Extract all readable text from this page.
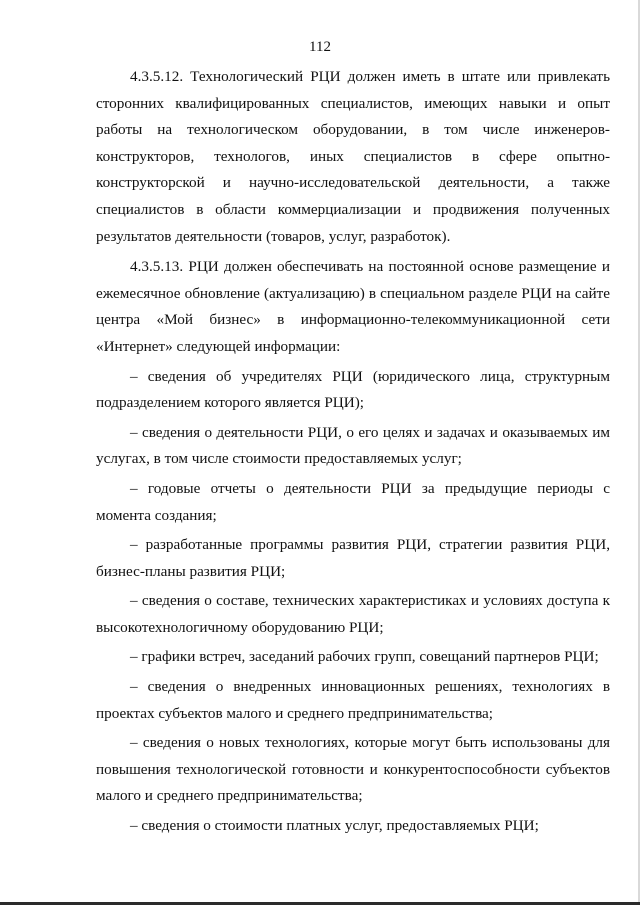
112

4.3.5.12. Технологический РЦИ должен иметь в штате или привлекать сторонних квалифицированных специалистов, имеющих навыки и опыт работы на технологическом оборудовании, в том числе инженеров-конструкторов, технологов, иных специалистов в сфере опытно-конструкторской и научно-исследовательской деятельности, а также специалистов в области коммерциализации и продвижения полученных результатов деятельности (товаров, услуг, разработок).

4.3.5.13. РЦИ должен обеспечивать на постоянной основе размещение и ежемесячное обновление (актуализацию) в специальном разделе РЦИ на сайте центра «Мой бизнес» в информационно-телекоммуникационной сети «Интернет» следующей информации:

– сведения об учредителях РЦИ (юридического лица, структурным подразделением которого является РЦИ);

– сведения о деятельности РЦИ, о его целях и задачах и оказываемых им услугах, в том числе стоимости предоставляемых услуг;

– годовые отчеты о деятельности РЦИ за предыдущие периоды с момента создания;

– разработанные программы развития РЦИ, стратегии развития РЦИ, бизнес-планы развития РЦИ;

– сведения о составе, технических характеристиках и условиях доступа к высокотехнологичному оборудованию РЦИ;

– графики встреч, заседаний рабочих групп, совещаний партнеров РЦИ;

– сведения о внедренных инновационных решениях, технологиях в проектах субъектов малого и среднего предпринимательства;

– сведения о новых технологиях, которые могут быть использованы для повышения технологической готовности и конкурентоспособности субъектов малого и среднего предпринимательства;

– сведения о стоимости платных услуг, предоставляемых РЦИ;
